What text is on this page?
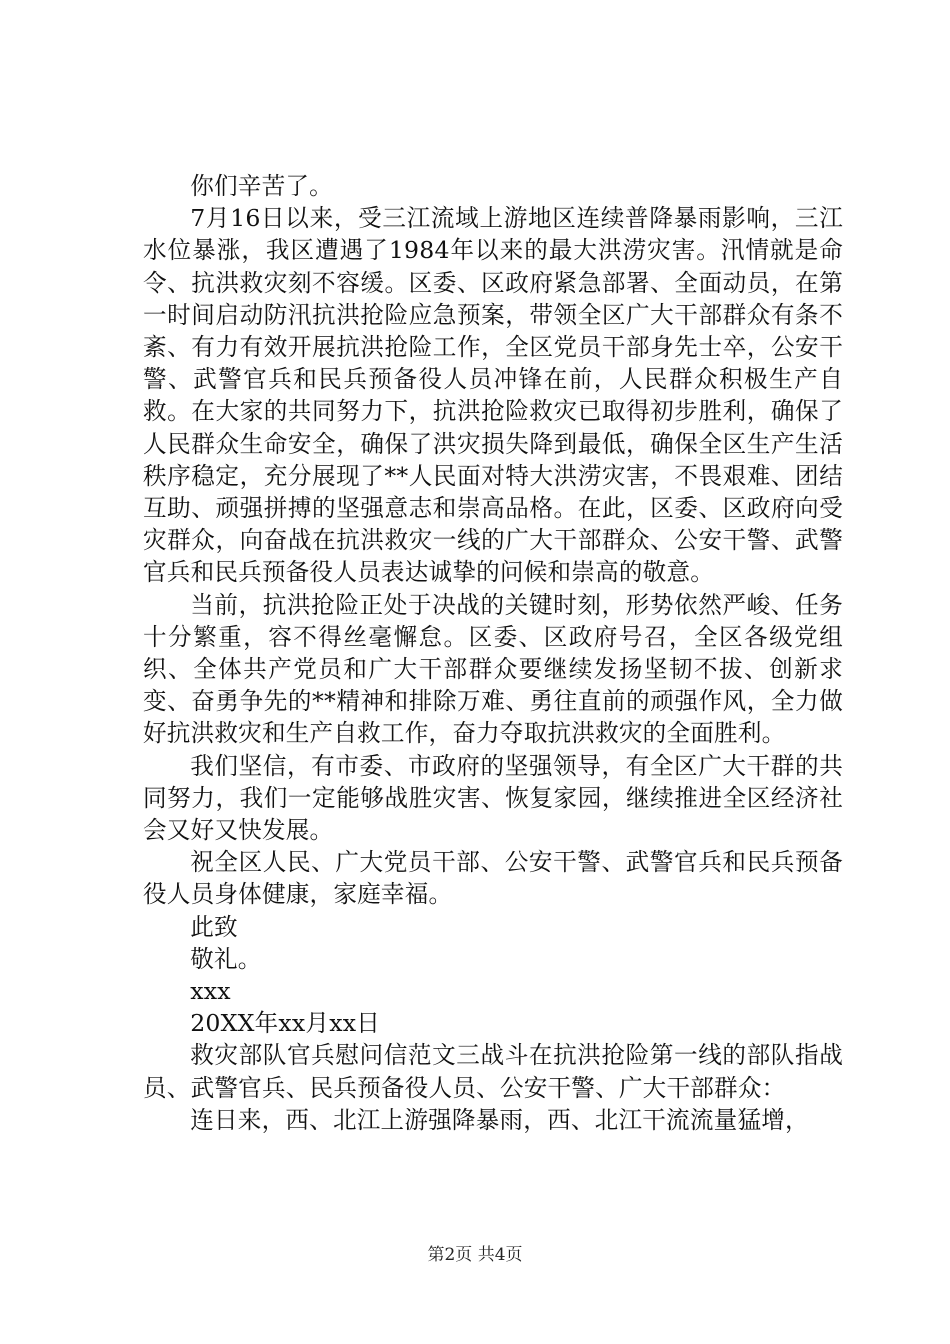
你们辛苦了。

7月16日以来，受三江流域上游地区连续普降暴雨影响，三江水位暴涨，我区遭遇了1984年以来的最大洪涝灾害。汛情就是命令、抗洪救灾刻不容缓。区委、区政府紧急部署、全面动员，在第一时间启动防汛抗洪抢险应急预案，带领全区广大干部群众有条不紊、有力有效开展抗洪抢险工作，全区党员干部身先士卒，公安干警、武警官兵和民兵预备役人员冲锋在前，人民群众积极生产自救。在大家的共同努力下，抗洪抢险救灾已取得初步胜利，确保了人民群众生命安全，确保了洪灾损失降到最低，确保全区生产生活秩序稳定，充分展现了**人民面对特大洪涝灾害，不畏艰难、团结互助、顽强拼搏的坚强意志和崇高品格。在此，区委、区政府向受灾群众，向奋战在抗洪救灾一线的广大干部群众、公安干警、武警官兵和民兵预备役人员表达诚挚的问候和崇高的敬意。

当前，抗洪抢险正处于决战的关键时刻，形势依然严峻、任务十分繁重，容不得丝毫懈怠。区委、区政府号召，全区各级党组织、全体共产党员和广大干部群众要继续发扬坚韧不拔、创新求变、奋勇争先的**精神和排除万难、勇往直前的顽强作风，全力做好抗洪救灾和生产自救工作，奋力夺取抗洪救灾的全面胜利。

我们坚信，有市委、市政府的坚强领导，有全区广大干群的共同努力，我们一定能够战胜灾害、恢复家园，继续推进全区经济社会又好又快发展。

祝全区人民、广大党员干部、公安干警、武警官兵和民兵预备役人员身体健康，家庭幸福。

此致

敬礼。

xxx

20XX年xx月xx日

救灾部队官兵慰问信范文三战斗在抗洪抢险第一线的部队指战员、武警官兵、民兵预备役人员、公安干警、广大干部群众：

连日来，西、北江上游强降暴雨，西、北江干流流量猛增，

第2页 共4页
